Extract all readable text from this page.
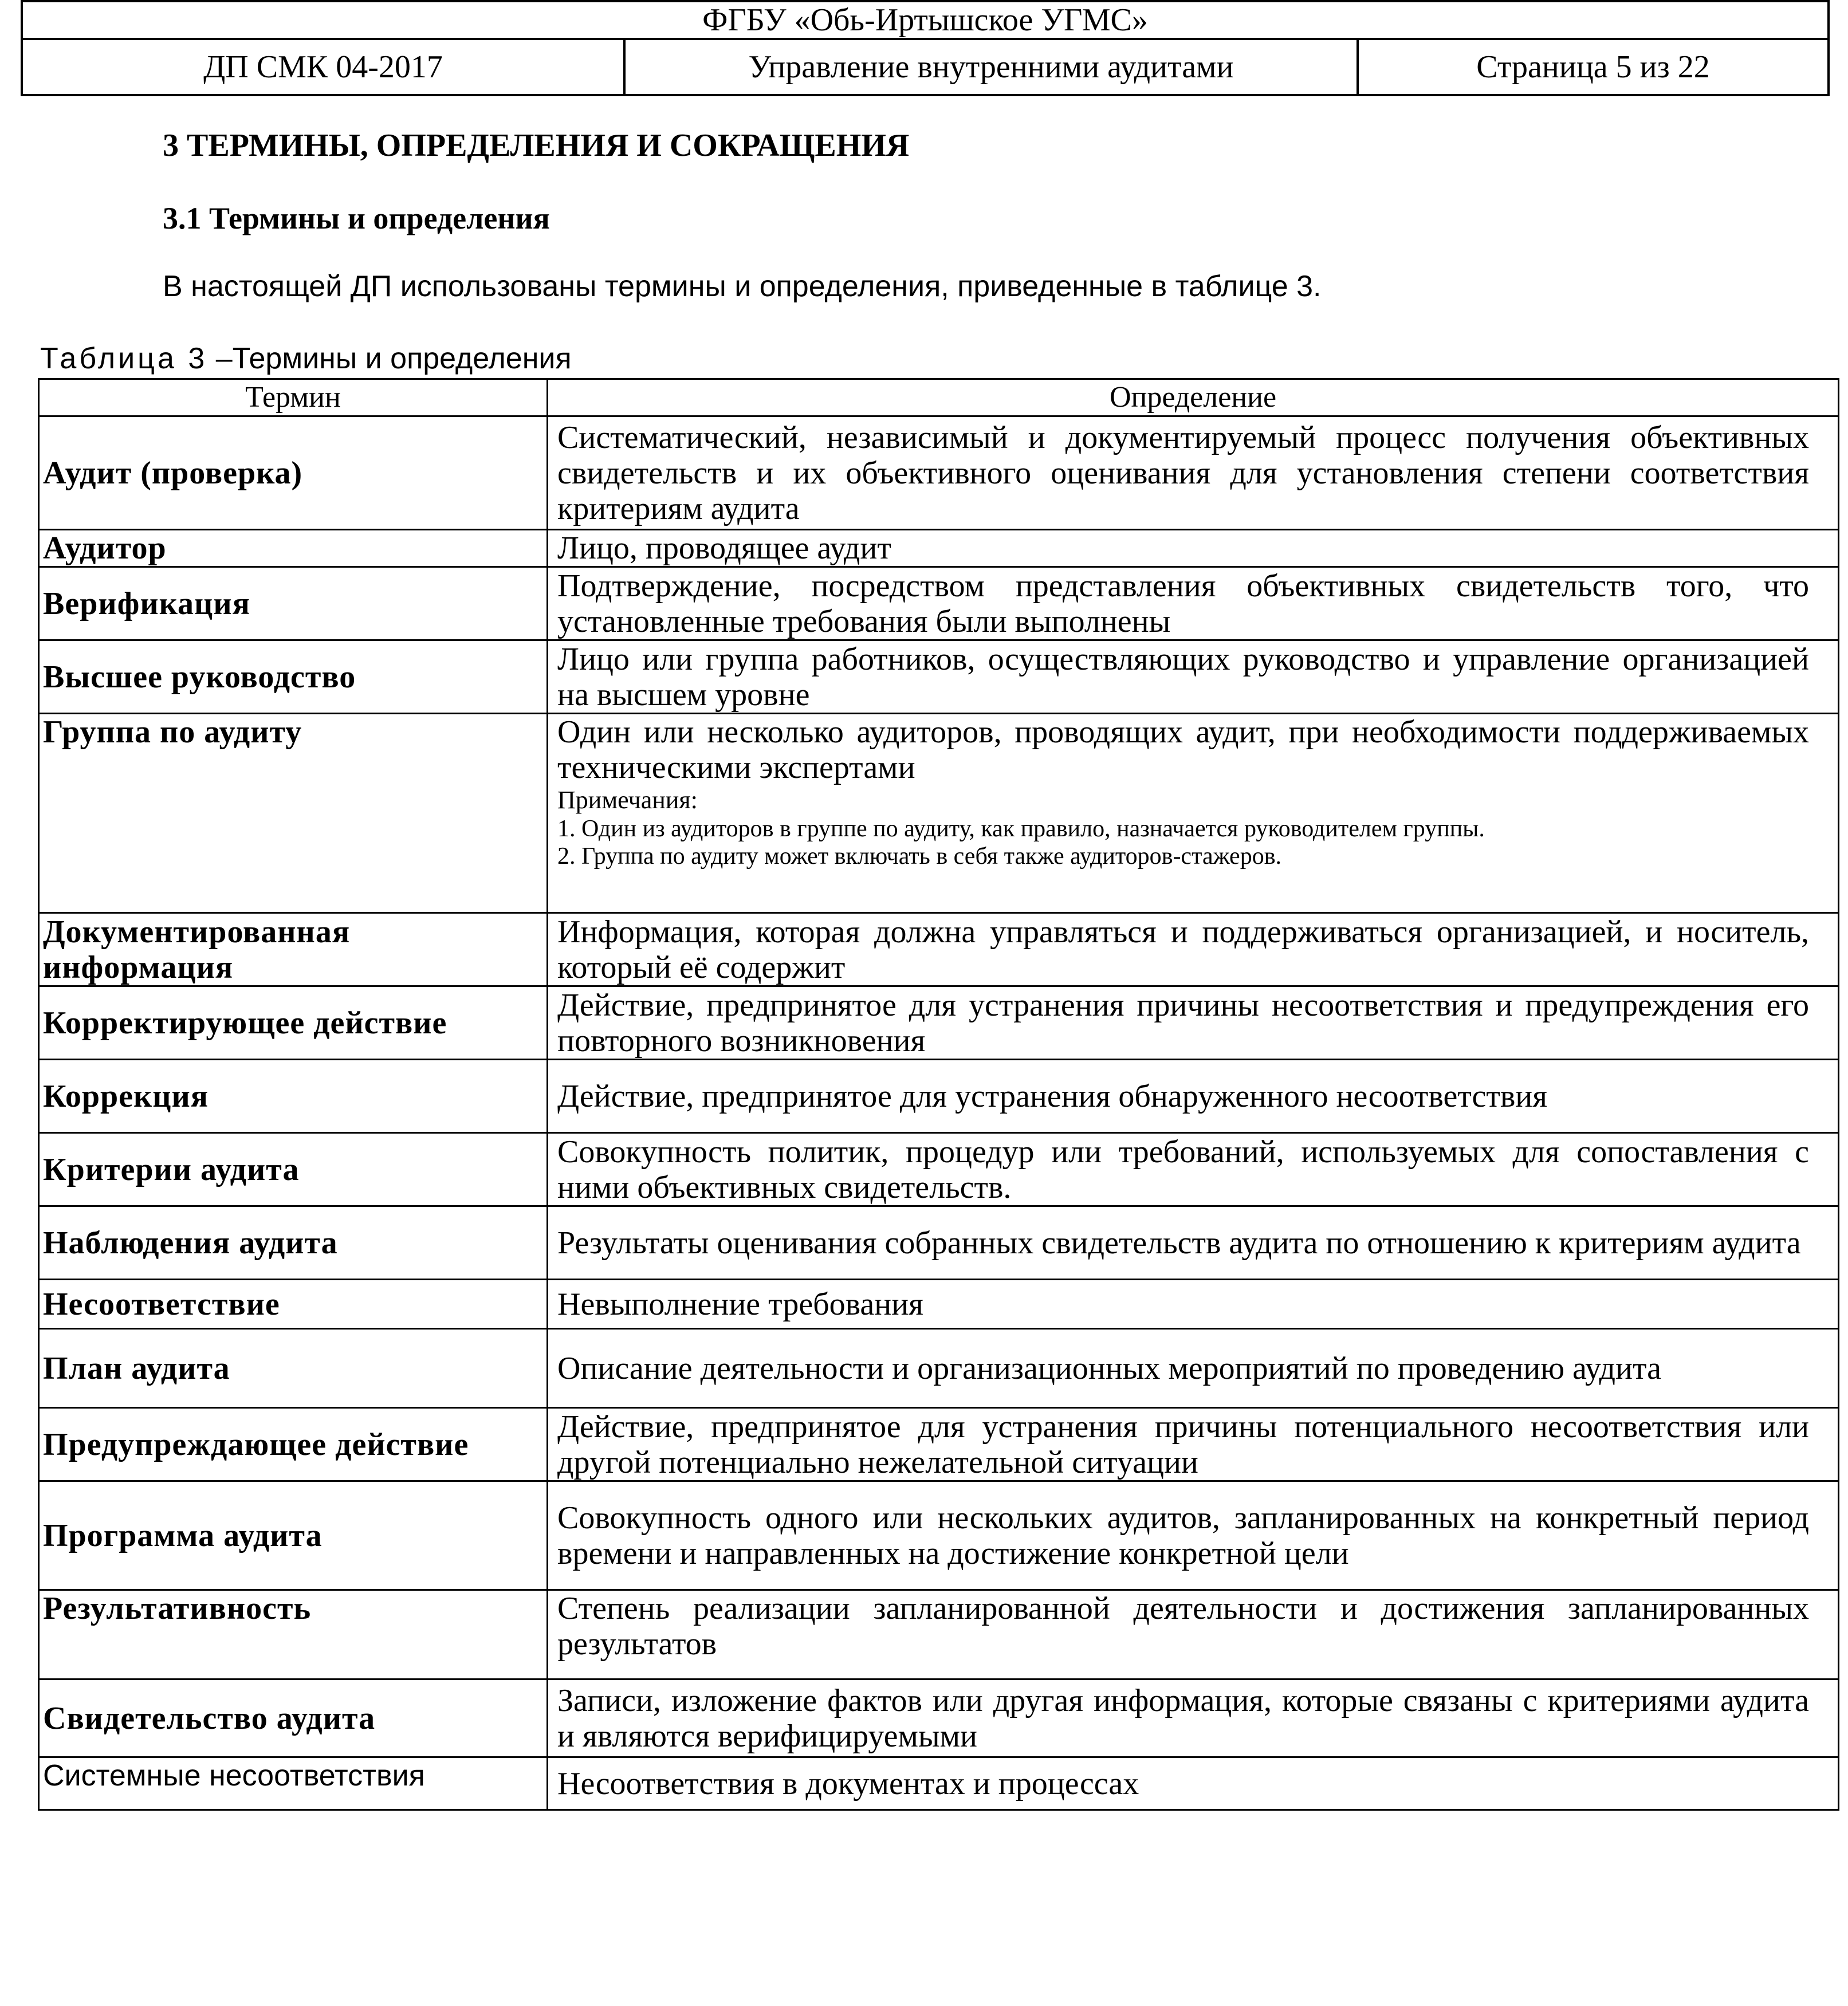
ФГБУ «Обь-Иртышское УГМС»
ДП СМК 04-2017	Управление внутренними аудитами	Страница 5 из 22
3 ТЕРМИНЫ, ОПРЕДЕЛЕНИЯ И СОКРАЩЕНИЯ
3.1 Термины и определения
В настоящей ДП использованы термины и определения, приведенные в таблице 3.
Таблица 3 –Термины и определения
Термин	Определение
Аудит (проверка)	Систематический, независимый и документируемый процесс получения объективных свидетельств и их объективного оценивания для установления степени соответствия критериям аудита
Аудитор	Лицо, проводящее аудит
Верификация	Подтверждение, посредством представления объективных свидетельств того, что установленные требования были выполнены
Высшее руководство	Лицо или группа работников, осуществляющих руководство и управление организацией на высшем уровне
Группа по аудиту	Один или несколько аудиторов, проводящих аудит, при необходимости поддерживаемых техническими экспертами
Примечания:
1. Один из аудиторов в группе по аудиту, как правило, назначается руководителем группы.
2. Группа по аудиту может включать в себя также аудиторов-стажеров.

Документированная информация	Информация, которая должна управляться и поддерживаться организацией, и носитель, который её содержит
Корректирующее действие	Действие, предпринятое для устранения причины несоответствия и предупреждения его повторного возникновения
Коррекция	Действие, предпринятое для устранения обнаруженного несоответствия
Критерии аудита	Совокупность политик, процедур или требований, используемых для сопоставления с ними объективных свидетельств.
Наблюдения аудита	Результаты оценивания собранных свидетельств аудита по отношению к критериям аудита
Несоответствие	Невыполнение требования
План аудита	Описание деятельности и организационных мероприятий по проведению аудита
Предупреждающее действие	Действие, предпринятое для устранения причины потенциального несоответствия или другой потенциально нежелательной ситуации
Программа аудита	Совокупность одного или нескольких аудитов, запланированных на конкретный период времени и направленных на достижение конкретной цели
Результативность	Степень реализации запланированной деятельности и достижения запланированных результатов
Свидетельство аудита	Записи, изложение фактов или другая информация, которые связаны с критериями аудита и являются верифицируемыми
Системные несоответствия	Несоответствия в документах и процессах
